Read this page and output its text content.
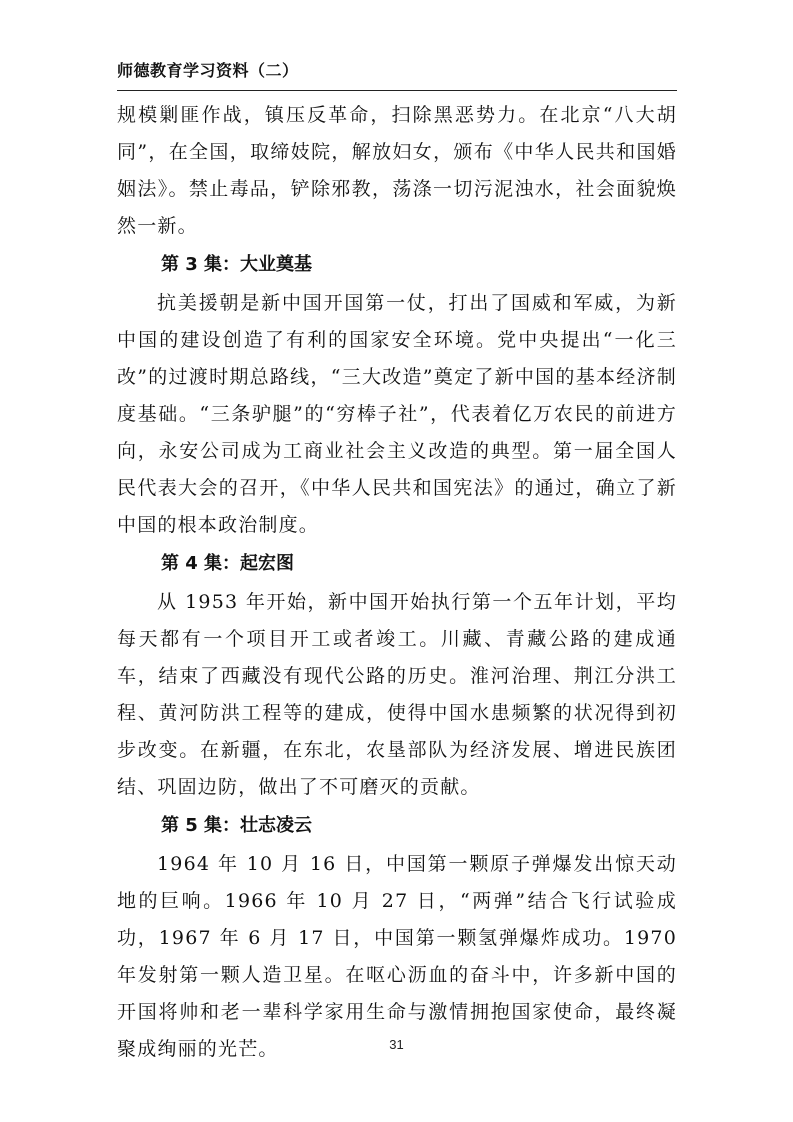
师德教育学习资料（二）

规模剿匪作战，镇压反革命，扫除黑恶势力。在北京“八大胡同”，在全国，取缔妓院，解放妇女，颁布《中华人民共和国婚姻法》。禁止毒品，铲除邪教，荡涤一切污泥浊水，社会面貌焕然一新。

第 3 集：大业奠基

抗美援朝是新中国开国第一仗，打出了国威和军威，为新中国的建设创造了有利的国家安全环境。党中央提出“一化三改”的过渡时期总路线，“三大改造”奠定了新中国的基本经济制度基础。“三条驴腿”的“穷棒子社”，代表着亿万农民的前进方向，永安公司成为工商业社会主义改造的典型。第一届全国人民代表大会的召开，《中华人民共和国宪法》的通过，确立了新中国的根本政治制度。

第 4 集：起宏图

从 1953 年开始，新中国开始执行第一个五年计划，平均每天都有一个项目开工或者竣工。川藏、青藏公路的建成通车，结束了西藏没有现代公路的历史。淮河治理、荆江分洪工程、黄河防洪工程等的建成，使得中国水患频繁的状况得到初步改变。在新疆，在东北，农垦部队为经济发展、增进民族团结、巩固边防，做出了不可磨灭的贡献。

第 5 集：壮志凌云

1964 年 10 月 16 日，中国第一颗原子弹爆发出惊天动地的巨响。1966 年 10 月 27 日，“两弹”结合飞行试验成功，1967 年 6 月 17 日，中国第一颗氢弹爆炸成功。1970 年发射第一颗人造卫星。在呕心沥血的奋斗中，许多新中国的开国将帅和老一辈科学家用生命与激情拥抱国家使命，最终凝聚成绚丽的光芒。	31
